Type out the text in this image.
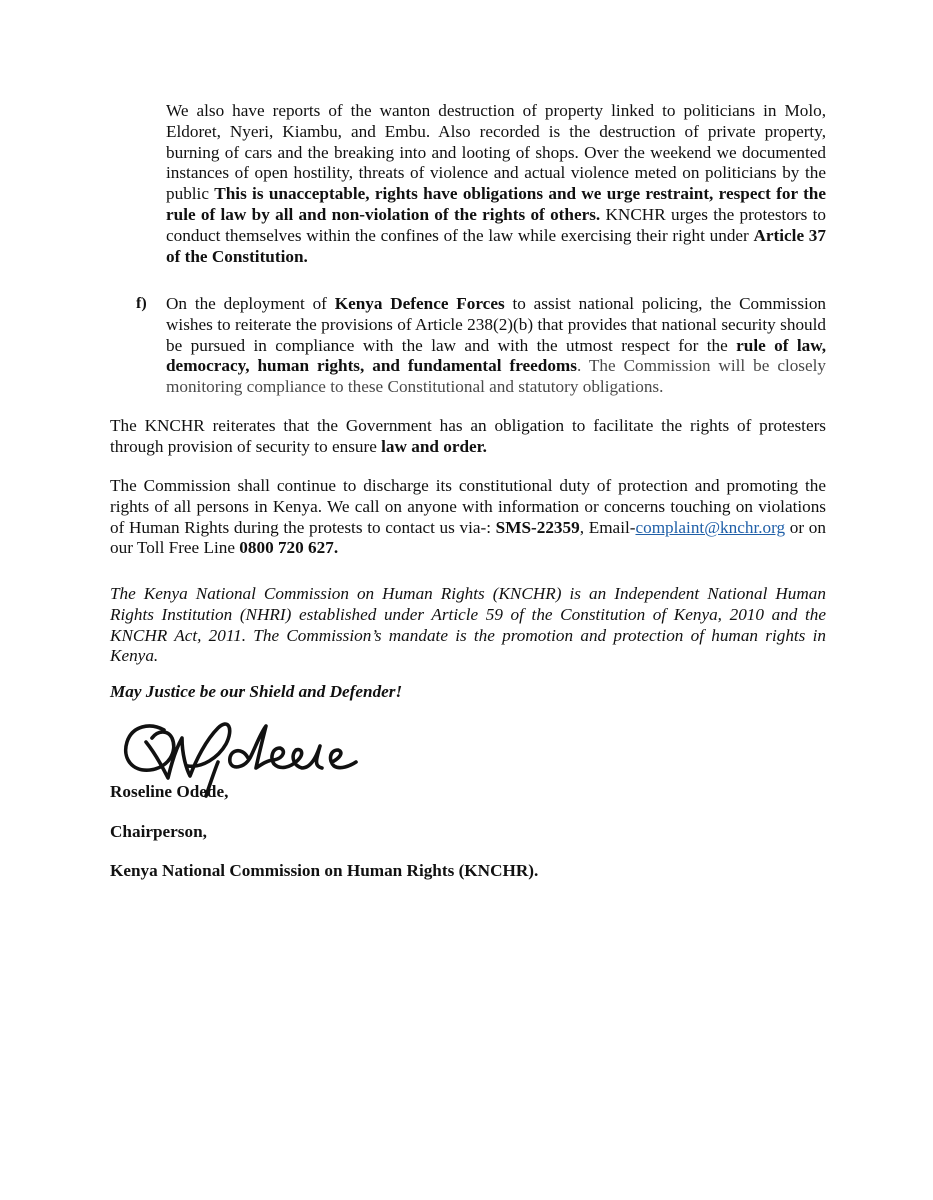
We also have reports of the wanton destruction of property linked to politicians in Molo, Eldoret, Nyeri, Kiambu, and Embu. Also recorded is the destruction of private property, burning of cars and the breaking into and looting of shops. Over the weekend we documented instances of open hostility, threats of violence and actual violence meted on politicians by the public This is unacceptable, rights have obligations and we urge restraint, respect for the rule of law by all and non-violation of the rights of others. KNCHR urges the protestors to conduct themselves within the confines of the law while exercising their right under Article 37 of the Constitution.

f) On the deployment of Kenya Defence Forces to assist national policing, the Commission wishes to reiterate the provisions of Article 238(2)(b) that provides that national security should be pursued in compliance with the law and with the utmost respect for the rule of law, democracy, human rights, and fundamental freedoms. The Commission will be closely monitoring compliance to these Constitutional and statutory obligations.

The KNCHR reiterates that the Government has an obligation to facilitate the rights of protesters through provision of security to ensure law and order.

The Commission shall continue to discharge its constitutional duty of protection and promoting the rights of all persons in Kenya. We call on anyone with information or concerns touching on violations of Human Rights during the protests to contact us via-: SMS-22359, Email-complaint@knchr.org or on our Toll Free Line 0800 720 627.

The Kenya National Commission on Human Rights (KNCHR) is an Independent National Human Rights Institution (NHRI) established under Article 59 of the Constitution of Kenya, 2010 and the KNCHR Act, 2011. The Commission’s mandate is the promotion and protection of human rights in Kenya.

May Justice be our Shield and Defender!

Roseline Odede,

Chairperson,

Kenya National Commission on Human Rights (KNCHR).
